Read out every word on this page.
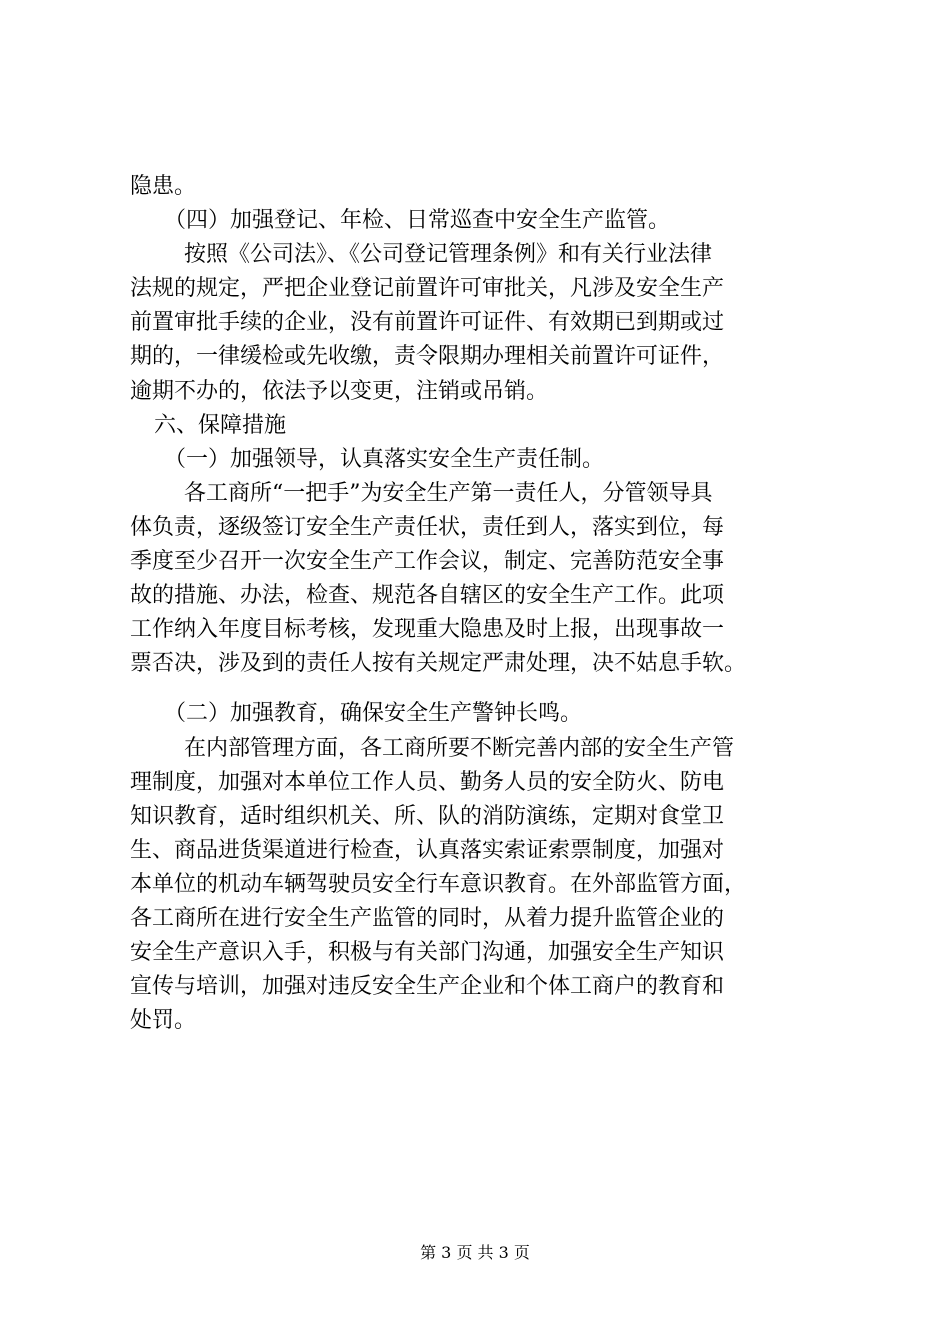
隐患。
（四）加强登记、年检、日常巡查中安全生产监管。
按照《公司法》、《公司登记管理条例》和有关行业法律
法规的规定，严把企业登记前置许可审批关，凡涉及安全生产
前置审批手续的企业，没有前置许可证件、有效期已到期或过
期的，一律缓检或先收缴，责令限期办理相关前置许可证件，
逾期不办的，依法予以变更，注销或吊销。
六、保障措施
（一）加强领导，认真落实安全生产责任制。
各工商所“一把手”为安全生产第一责任人，分管领导具
体负责，逐级签订安全生产责任状，责任到人，落实到位，每
季度至少召开一次安全生产工作会议，制定、完善防范安全事
故的措施、办法，检查、规范各自辖区的安全生产工作。此项
工作纳入年度目标考核，发现重大隐患及时上报，出现事故一
票否决，涉及到的责任人按有关规定严肃处理，决不姑息手软。
（二）加强教育，确保安全生产警钟长鸣。
在内部管理方面，各工商所要不断完善内部的安全生产管
理制度，加强对本单位工作人员、勤务人员的安全防火、防电
知识教育，适时组织机关、所、队的消防演练，定期对食堂卫
生、商品进货渠道进行检查，认真落实索证索票制度，加强对
本单位的机动车辆驾驶员安全行车意识教育。在外部监管方面，
各工商所在进行安全生产监管的同时，从着力提升监管企业的
安全生产意识入手，积极与有关部门沟通，加强安全生产知识
宣传与培训，加强对违反安全生产企业和个体工商户的教育和
处罚。
第 3 页 共 3 页
